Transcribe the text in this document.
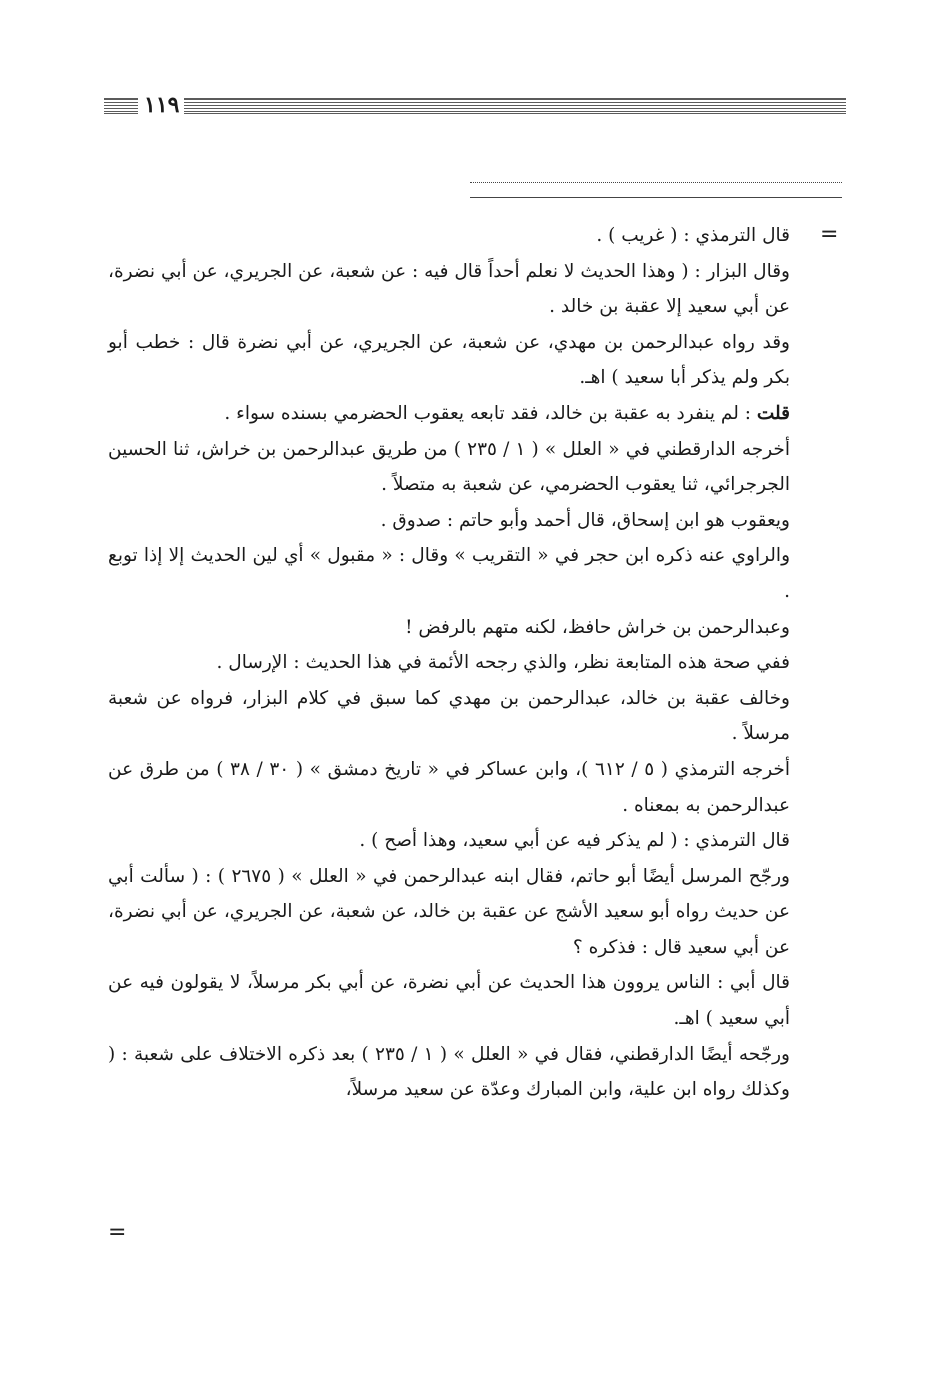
١١٩
=

قال الترمذي : ( غريب ) .

وقال البزار : ( وهذا الحديث لا نعلم أحداً قال فيه : عن شعبة، عن الجريري، عن أبي نضرة، عن أبي سعيد إلا عقبة بن خالد .

وقد رواه عبدالرحمن بن مهدي، عن شعبة، عن الجريري، عن أبي نضرة قال : خطب أبو بكر ولم يذكر أبا سعيد ) اهـ.

قلت : لم ينفرد به عقبة بن خالد، فقد تابعه يعقوب الحضرمي بسنده سواء .

أخرجه الدارقطني في « العلل » ( ١ / ٢٣٥ ) من طريق عبدالرحمن بن خراش، ثنا الحسين الجرجرائي، ثنا يعقوب الحضرمي، عن شعبة به متصلاً .

ويعقوب هو ابن إسحاق، قال أحمد وأبو حاتم : صدوق .

والراوي عنه ذكره ابن حجر في « التقريب » وقال : « مقبول » أي لين الحديث إلا إذا توبع .

وعبدالرحمن بن خراش حافظ، لكنه متهم بالرفض !

ففي صحة هذه المتابعة نظر، والذي رجحه الأئمة في هذا الحديث : الإرسال .

وخالف عقبة بن خالد، عبدالرحمن بن مهدي كما سبق في كلام البزار، فرواه عن شعبة مرسلاً .

أخرجه الترمذي ( ٥ / ٦١٢ )، وابن عساكر في « تاريخ دمشق » ( ٣٠ / ٣٨ ) من طرق عن عبدالرحمن به بمعناه .

قال الترمذي : ( لم يذكر فيه عن أبي سعيد، وهذا أصح ) .

ورجّح المرسل أيضًا أبو حاتم، فقال ابنه عبدالرحمن في « العلل » ( ٢٦٧٥ ) : ( سألت أبي عن حديث رواه أبو سعيد الأشج عن عقبة بن خالد، عن شعبة، عن الجريري، عن أبي نضرة، عن أبي سعيد قال : فذكره ؟

قال أبي : الناس يروون هذا الحديث عن أبي نضرة، عن أبي بكر مرسلاً، لا يقولون فيه عن أبي سعيد ) اهـ.

ورجّحه أيضًا الدارقطني، فقال في « العلل » ( ١ / ٢٣٥ ) بعد ذكره الاختلاف على شعبة : ( وكذلك رواه ابن علية، وابن المبارك وعدّة عن سعيد مرسلاً،

=
